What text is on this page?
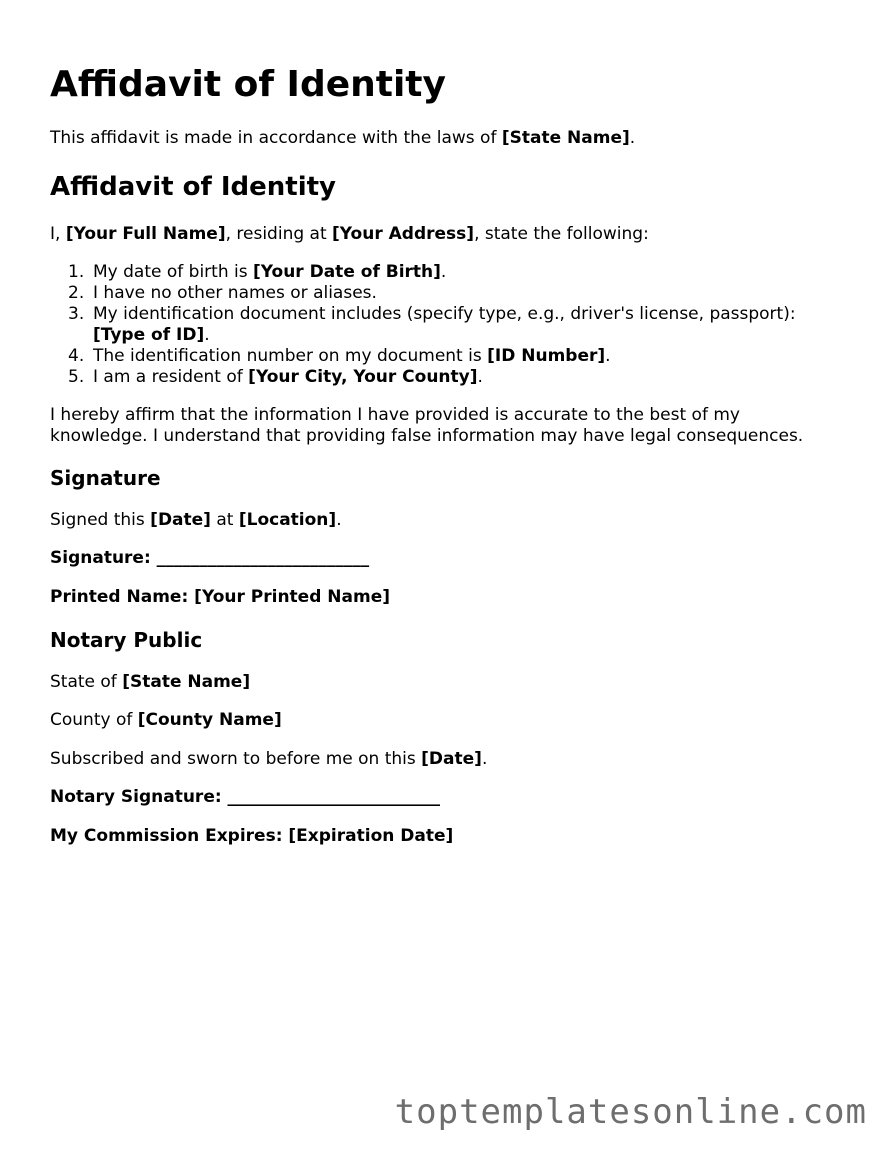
Affidavit of Identity

This affidavit is made in accordance with the laws of [State Name].

Affidavit of Identity

I, [Your Full Name], residing at [Your Address], state the following:

1. My date of birth is [Your Date of Birth].
2. I have no other names or aliases.
3. My identification document includes (specify type, e.g., driver's license, passport): [Type of ID].
4. The identification number on my document is [ID Number].
5. I am a resident of [Your City, Your County].

I hereby affirm that the information I have provided is accurate to the best of my knowledge. I understand that providing false information may have legal consequences.

Signature

Signed this [Date] at [Location].

Signature: _________________________

Printed Name: [Your Printed Name]

Notary Public

State of [State Name]

County of [County Name]

Subscribed and sworn to before me on this [Date].

Notary Signature: _________________________

My Commission Expires: [Expiration Date]

toptemplatesonline.com
